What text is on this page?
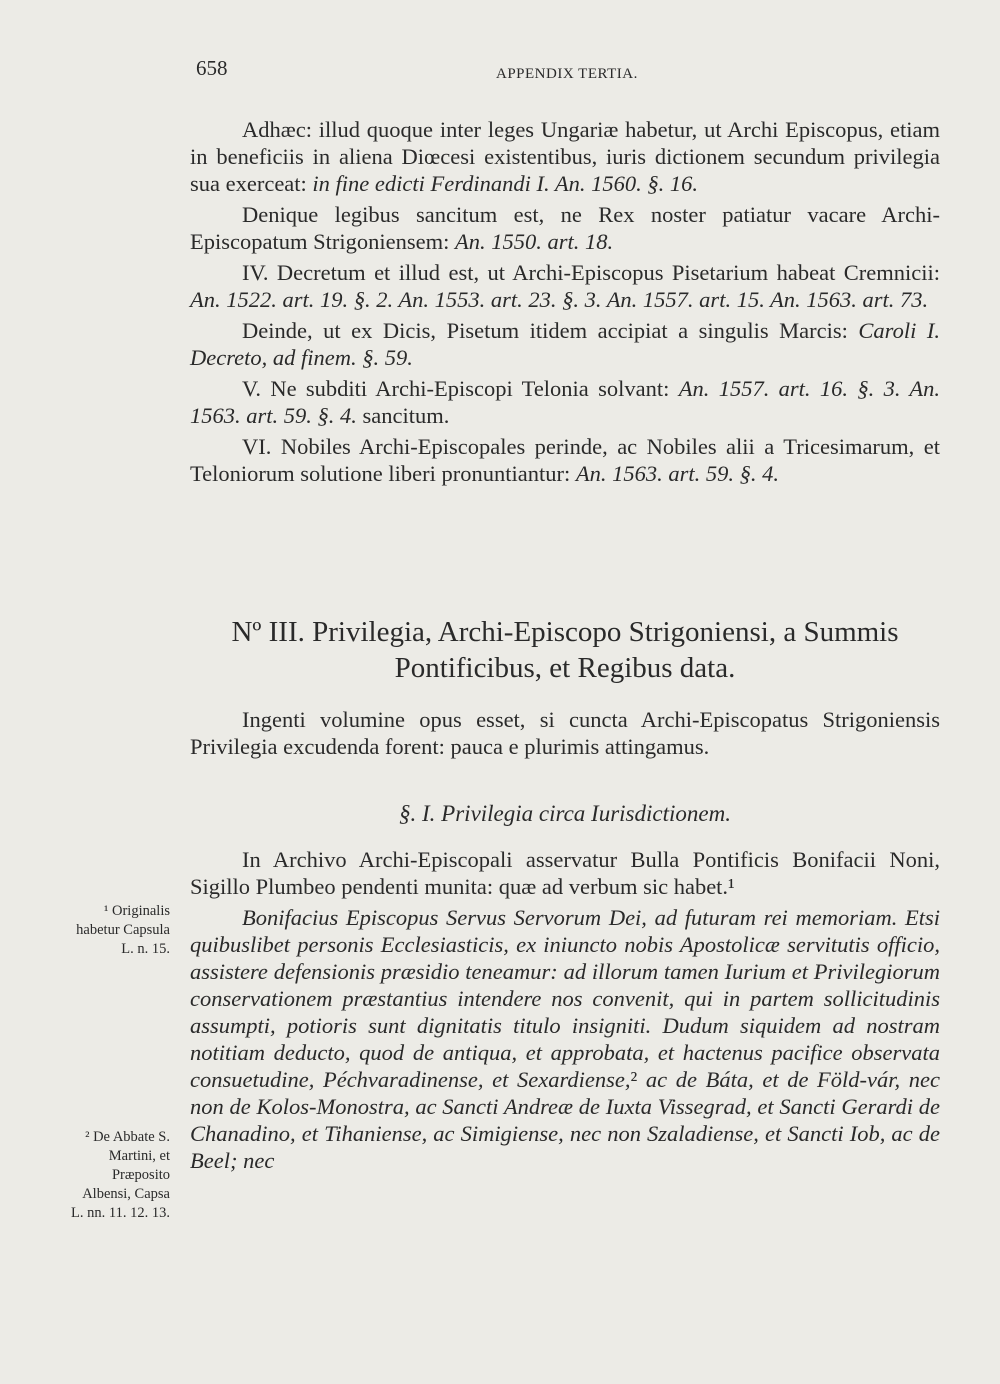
658	APPENDIX TERTIA.

Adhæc: illud quoque inter leges Ungariæ habetur, ut Archi Episcopus, etiam in beneficiis in aliena Diœcesi existentibus, iuris dictionem secundum privilegia sua exerceat: in fine edicti Ferdinandi I. An. 1560. §. 16.

Denique legibus sancitum est, ne Rex noster patiatur vacare Archi-Episcopatum Strigoniensem: An. 1550. art. 18.

IV. Decretum et illud est, ut Archi-Episcopus Pisetarium habeat Cremnicii: An. 1522. art. 19. §. 2. An. 1553. art. 23. §. 3. An. 1557. art. 15. An. 1563. art. 73.

Deinde, ut ex Dicis, Pisetum itidem accipiat a singulis Marcis: Caroli I. Decreto, ad finem. §. 59.

V. Ne subditi Archi-Episcopi Telonia solvant: An. 1557. art. 16. §. 3. An. 1563. art. 59. §. 4. sancitum.

VI. Nobiles Archi-Episcopales perinde, ac Nobiles alii a Tricesimarum, et Teloniorum solutione liberi pronuntiantur: An. 1563. art. 59. §. 4.

Nº III. Privilegia, Archi-Episcopo Strigoniensi, a Summis
Pontificibus, et Regibus data.

Ingenti volumine opus esset, si cuncta Archi-Episcopatus Strigoniensis Privilegia excudenda forent: pauca e plurimis attingamus.

§. I. Privilegia circa Iurisdictionem.

In Archivo Archi-Episcopali asservatur Bulla Pontificis Bonifacii Noni, Sigillo Plumbeo pendenti munita: quæ ad verbum sic habet.¹

Bonifacius Episcopus Servus Servorum Dei, ad futuram rei memoriam. Etsi quibuslibet personis Ecclesiasticis, ex iniuncto nobis Apostolicæ servitutis officio, assistere defensionis præsidio teneamur: ad illorum tamen Iurium et Privilegiorum conservationem præstantius intendere nos convenit, qui in partem sollicitudinis assumpti, potioris sunt dignitatis titulo insigniti. Dudum siquidem ad nostram notitiam deducto, quod de antiqua, et approbata, et hactenus pacifice observata consuetudine, Péchvaradinense, et Sexardiense,² ac de Báta, et de Föld-vár, nec non de Kolos-Monostra, ac Sancti Andreæ de Iuxta Vissegrad, et Sancti Gerardi de Chanadino, et Tihaniense, ac Simigiense, nec non Szaladiense, et Sancti Iob, ac de Beel; nec

¹ Originalis habetur Capsula L. n. 15.
² De Abbate S. Martini, et Præposito Albensi, Capsa L. nn. 11. 12. 13.
